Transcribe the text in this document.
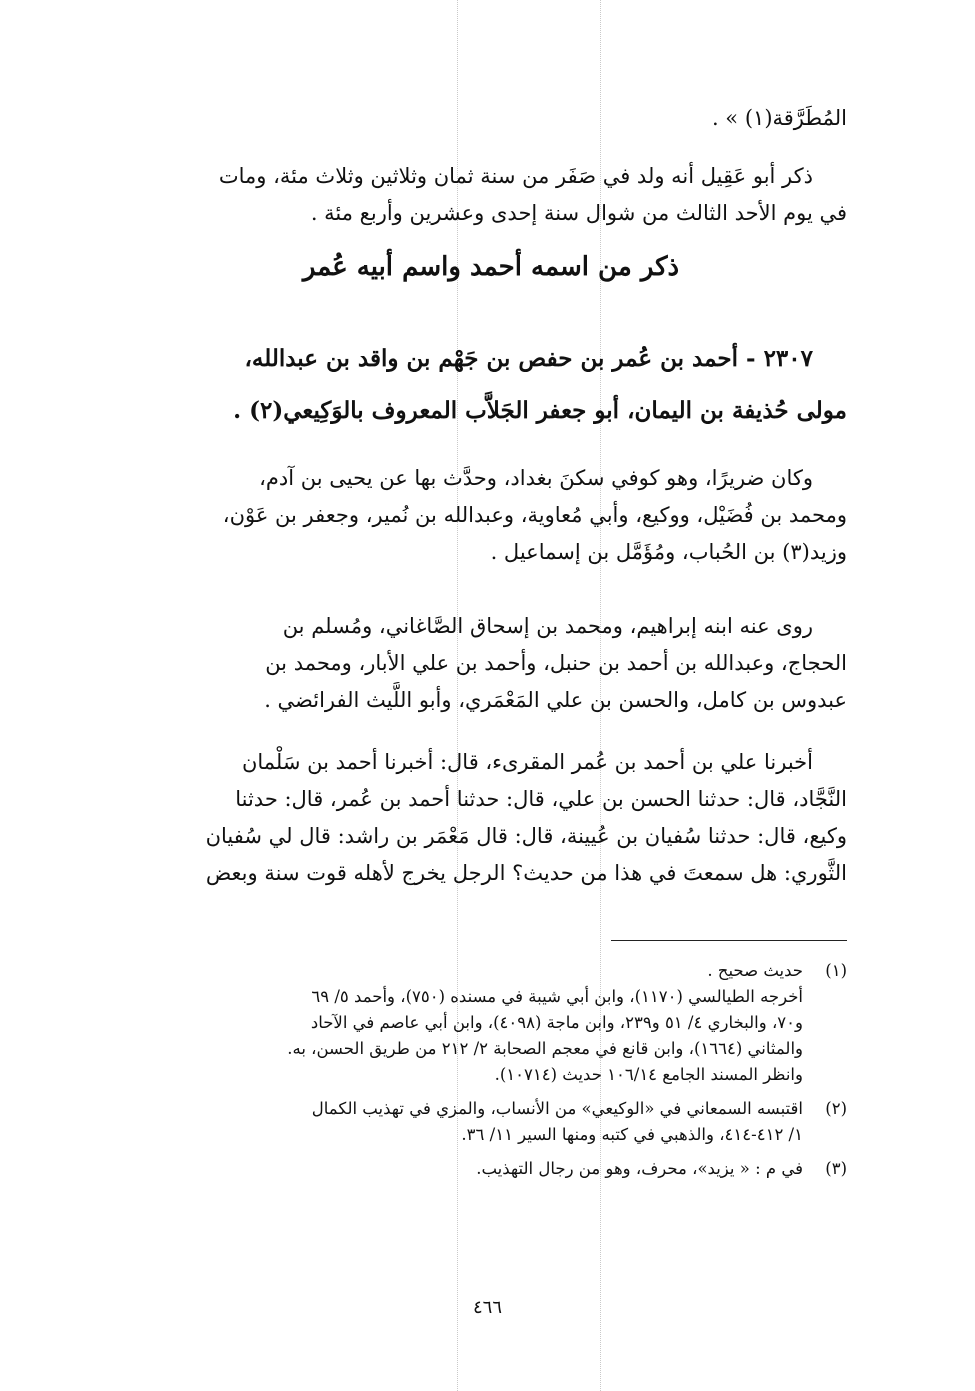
المُطَرَّقة(١) » .
ذكر أبو عَقِيل أنه ولد في صَفَر من سنة ثمان وثلاثين وثلاث مئة، ومات
في يوم الأحد الثالث من شوال سنة إحدى وعشرين وأربع مئة .
ذكر من اسمه أحمد واسم أبيه عُمر
٢٣٠٧ - أحمد بن عُمر بن حفص بن جَهْم بن واقد بن عبدالله،
مولى حُذيفة بن اليمان، أبو جعفر الجَلاَّب المعروف بالوَكِيعي(٢) .
وكان ضريرًا، وهو كوفي سكنَ بغداد، وحدَّث بها عن يحيى بن آدم،
ومحمد بن فُضَيْل، ووكيع، وأبي مُعاوية، وعبدالله بن نُمير، وجعفر بن عَوْن،
وزيد(٣) بن الحُباب، ومُؤَمَّل بن إسماعيل .
روى عنه ابنه إبراهيم، ومحمد بن إسحاق الصَّاغاني، ومُسلم بن
الحجاج، وعبدالله بن أحمد بن حنبل، وأحمد بن علي الأبار، ومحمد بن
عبدوس بن كامل، والحسن بن علي المَعْمَري، وأبو اللَّيث الفرائضي .
أخبرنا علي بن أحمد بن عُمر المقرىء، قال: أخبرنا أحمد بن سَلْمان
النَّجَّاد، قال: حدثنا الحسن بن علي، قال: حدثنا أحمد بن عُمر، قال: حدثنا
وكيع، قال: حدثنا سُفيان بن عُيينة، قال: قال مَعْمَر بن راشد: قال لي سُفيان
الثَّوري: هل سمعتَ في هذا من حديث؟ الرجل يخرج لأهله قوت سنة وبعض
(١)
حديث صحيح .
أخرجه الطيالسي (١١٧٠)، وابن أبي شيبة في مسنده (٧٥٠)، وأحمد ٥/ ٦٩
و٧٠، والبخاري ٤/ ٥١ و٢٣٩، وابن ماجة (٤٠٩٨)، وابن أبي عاصم في الآحاد
والمثاني (١٦٦٤)، وابن قانع في معجم الصحابة ٢/ ٢١٢ من طريق الحسن، به.
وانظر المسند الجامع ١٠٦/١٤ حديث (١٠٧١٤).
(٢)
اقتبسه السمعاني في «الوكيعي» من الأنساب، والمزي في تهذيب الكمال
١/ ٤١٢-٤١٤، والذهبي في كتبه ومنها السير ١١/ ٣٦.
(٣)
في م : « يزيد»، محرف، وهو من رجال التهذيب.
٤٦٦
